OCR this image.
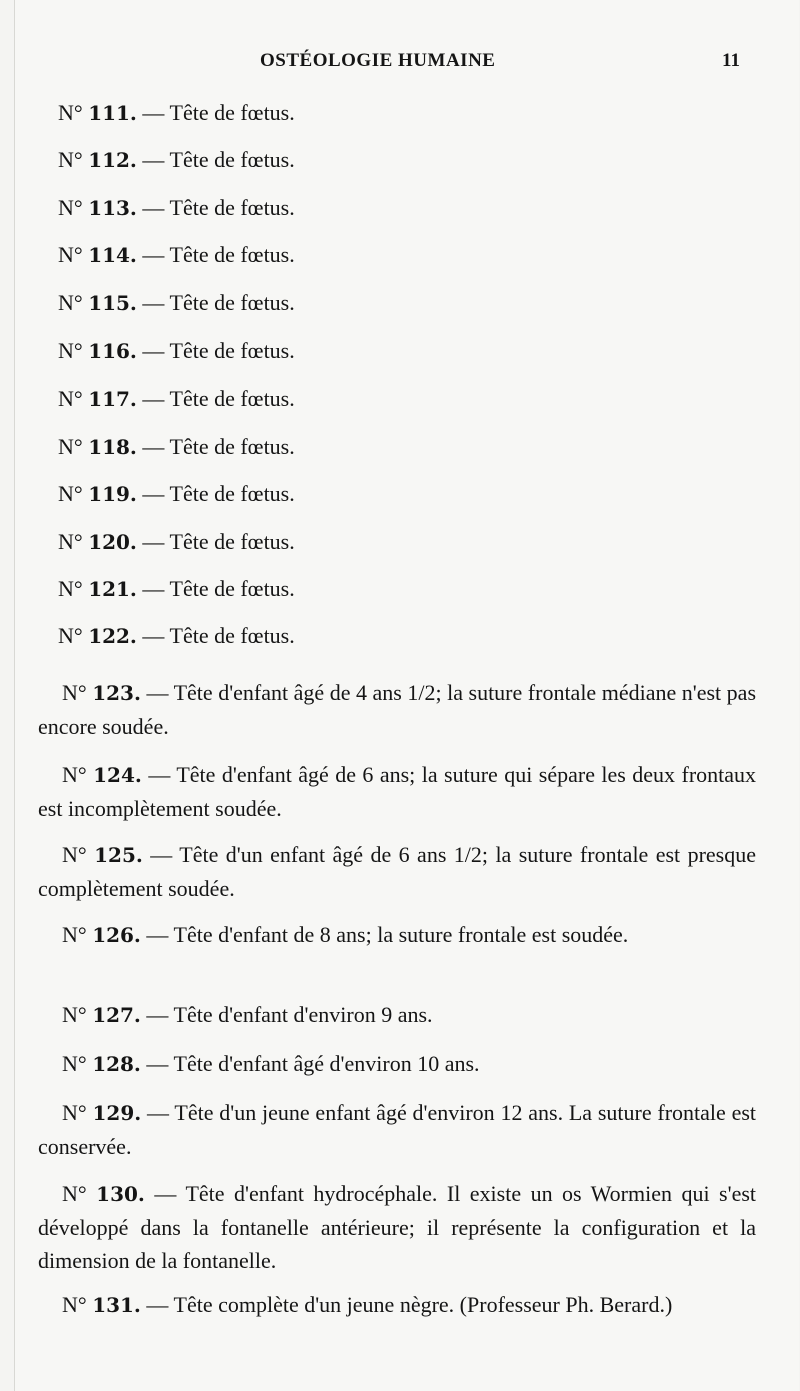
OSTÉOLOGIE HUMAINE	11
N° 111. — Tête de fœtus.
N° 112. — Tête de fœtus.
N° 113. — Tête de fœtus.
N° 114. — Tête de fœtus.
N° 115. — Tête de fœtus.
N° 116. — Tête de fœtus.
N° 117. — Tête de fœtus.
N° 118. — Tête de fœtus.
N° 119. — Tête de fœtus.
N° 120. — Tête de fœtus.
N° 121. — Tête de fœtus.
N° 122. — Tête de fœtus.
N° 123. — Tête d'enfant âgé de 4 ans 1/2; la suture frontale médiane n'est pas encore soudée.
N° 124. — Tête d'enfant âgé de 6 ans; la suture qui sépare les deux frontaux est incomplètement soudée.
N° 125. — Tête d'un enfant âgé de 6 ans 1/2; la suture frontale est presque complètement soudée.
N° 126. — Tête d'enfant de 8 ans; la suture frontale est soudée.
N° 127. — Tête d'enfant d'environ 9 ans.
N° 128. — Tête d'enfant âgé d'environ 10 ans.
N° 129. — Tête d'un jeune enfant âgé d'environ 12 ans. La suture frontale est conservée.
N° 130. — Tête d'enfant hydrocéphale. Il existe un os Wormien qui s'est développé dans la fontanelle antérieure; il représente la configuration et la dimension de la fontanelle.
N° 131. — Tête complète d'un jeune nègre. (Professeur Ph. Berard.)
